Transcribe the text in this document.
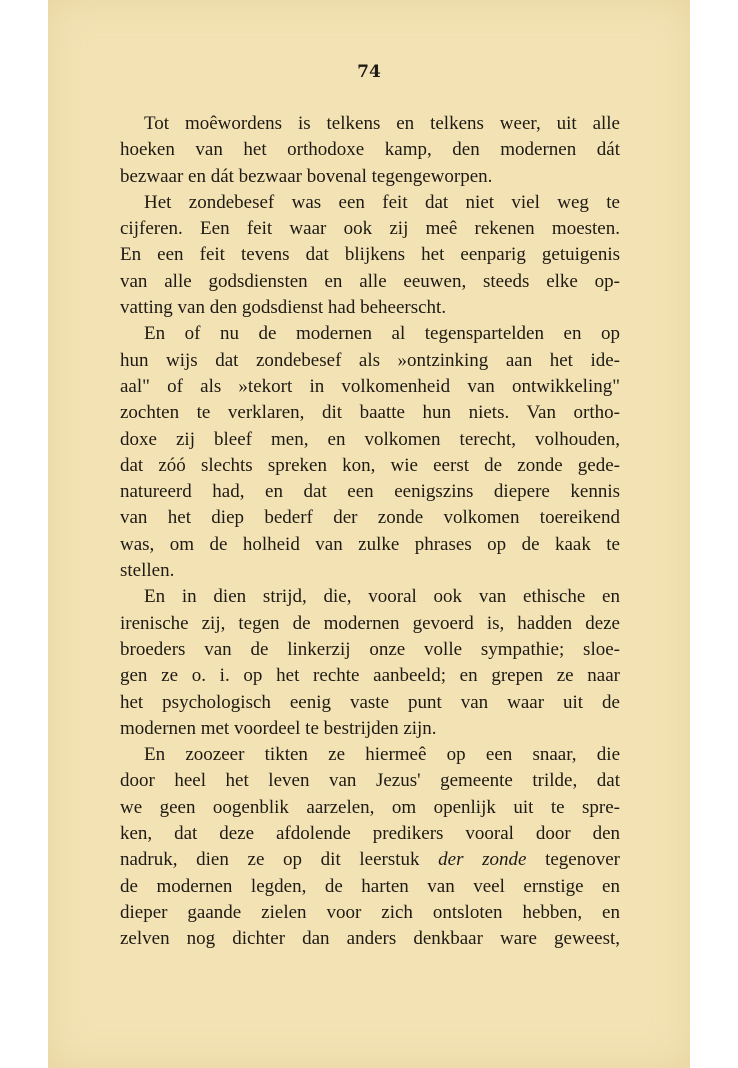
74
Tot moêwordens is telkens en telkens weer, uit alle
hoeken van het orthodoxe kamp, den modernen dát
bezwaar en dát bezwaar bovenal tegengeworpen.
Het zondebesef was een feit dat niet viel weg te
cijferen. Een feit waar ook zij meê rekenen moesten.
En een feit tevens dat blijkens het eenparig getuigenis
van alle godsdiensten en alle eeuwen, steeds elke op-
vatting van den godsdienst had beheerscht.
En of nu de modernen al tegenspartelden en op
hun wijs dat zondebesef als »ontzinking aan het ide-
aal" of als »tekort in volkomenheid van ontwikkeling"
zochten te verklaren, dit baatte hun niets. Van ortho-
doxe zij bleef men, en volkomen terecht, volhouden,
dat zóó slechts spreken kon, wie eerst de zonde gede-
natureerd had, en dat een eenigszins diepere kennis
van het diep bederf der zonde volkomen toereikend
was, om de holheid van zulke phrases op de kaak te
stellen.
En in dien strijd, die, vooral ook van ethische en
irenische zij, tegen de modernen gevoerd is, hadden deze
broeders van de linkerzij onze volle sympathie; sloe-
gen ze o. i. op het rechte aanbeeld; en grepen ze naar
het psychologisch eenig vaste punt van waar uit de
modernen met voordeel te bestrijden zijn.
En zoozeer tikten ze hiermeê op een snaar, die
door heel het leven van Jezus' gemeente trilde, dat
we geen oogenblik aarzelen, om openlijk uit te spre-
ken, dat deze afdolende predikers vooral door den
nadruk, dien ze op dit leerstuk der zonde tegenover
de modernen legden, de harten van veel ernstige en
dieper gaande zielen voor zich ontsloten hebben, en
zelven nog dichter dan anders denkbaar ware geweest,
